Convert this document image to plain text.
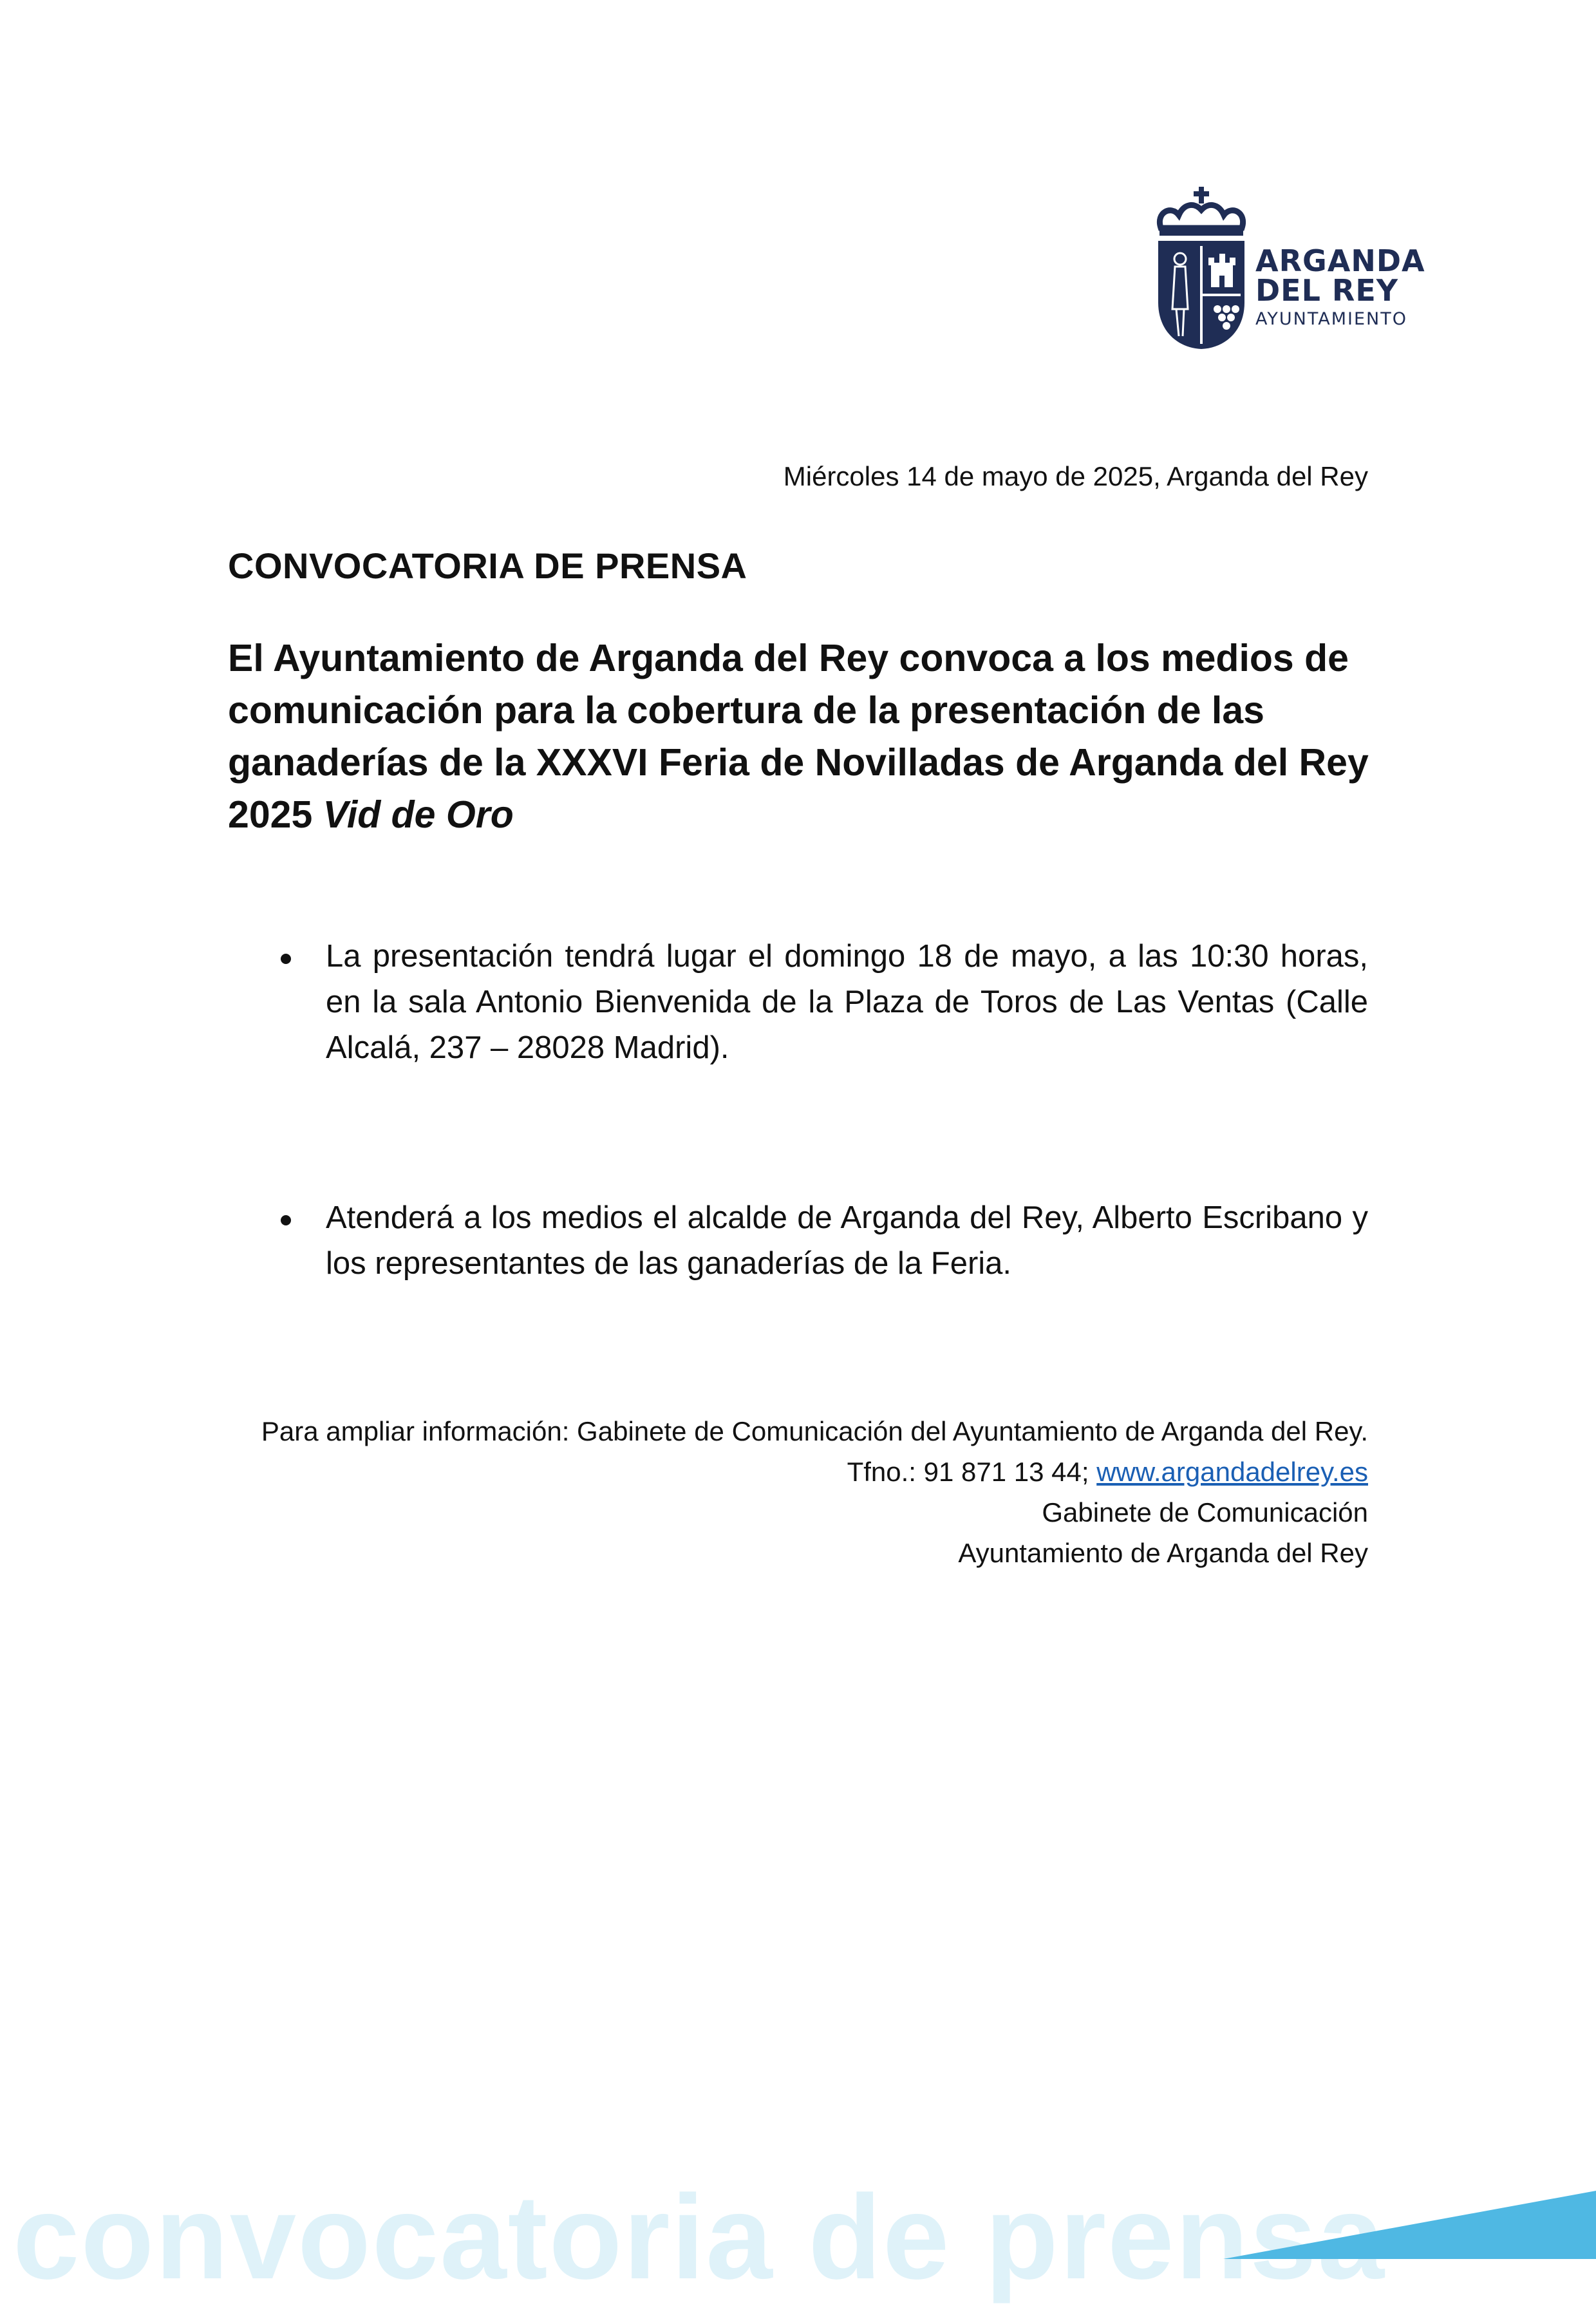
ARGANDA
DEL REY
AYUNTAMIENTO
Miércoles 14 de mayo de 2025, Arganda del Rey
CONVOCATORIA DE PRENSA
El Ayuntamiento de Arganda del Rey convoca a los medios de comunicación para la cobertura de la presentación de las ganaderías de la XXXVI Feria de Novilladas de Arganda del Rey 2025 Vid de Oro
La presentación tendrá lugar el domingo 18 de mayo, a las 10:30 horas, en la sala Antonio Bienvenida de la Plaza de Toros de Las Ventas (Calle Alcalá, 237 – 28028 Madrid).
Atenderá a los medios el alcalde de Arganda del Rey, Alberto Escribano y los representantes de las ganaderías de la Feria.
Para ampliar información: Gabinete de Comunicación del Ayuntamiento de Arganda del Rey.
Tfno.: 91 871 13 44; www.argandadelrey.es
Gabinete de Comunicación
Ayuntamiento de Arganda del Rey
convocatoria de prensa
